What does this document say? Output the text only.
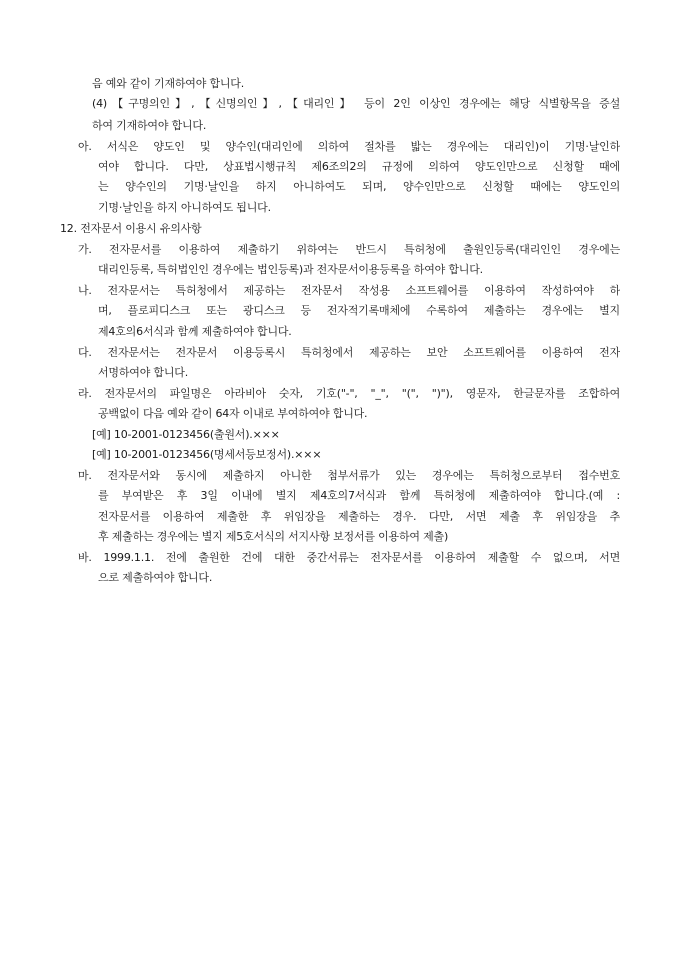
음 예와 같이 기재하여야 합니다.
(4)【구명의인】,【신명의인】,【대리인】 등이 2인 이상인 경우에는 해당 식별항목을 증설
하여 기재하여야 합니다.
아. 서식은 양도인 및 양수인(대리인에 의하여 절차를 밟는 경우에는 대리인)이 기명·날인하
여야 합니다. 다만, 상표법시행규칙 제6조의2의 규정에 의하여 양도인만으로 신청할 때에
는 양수인의 기명·날인을 하지 아니하여도 되며, 양수인만으로 신청할 때에는 양도인의
기명·날인을 하지 아니하여도 됩니다.
12. 전자문서 이용시 유의사항
가. 전자문서를 이용하여 제출하기 위하여는 반드시 특허청에 출원인등록(대리인인 경우에는
대리인등록, 특허법인인 경우에는 법인등록)과 전자문서이용등록을 하여야 합니다.
나. 전자문서는 특허청에서 제공하는 전자문서 작성용 소프트웨어를 이용하여 작성하여야 하
며, 플로피디스크 또는 광디스크 등 전자적기록매체에 수록하여 제출하는 경우에는 별지
제4호의6서식과 함께 제출하여야 합니다.
다. 전자문서는 전자문서 이용등록시 특허청에서 제공하는 보안 소프트웨어를 이용하여 전자
서명하여야 합니다.
라. 전자문서의 파일명은 아라비아 숫자, 기호("-", "_", "(", ")"), 영문자, 한글문자를 조합하여
공백없이 다음 예와 같이 64자 이내로 부여하여야 합니다.
[예] 10-2001-0123456(출원서).×××
[예] 10-2001-0123456(명세서등보정서).×××
마. 전자문서와 동시에 제출하지 아니한 첨부서류가 있는 경우에는 특허청으로부터 접수번호
를 부여받은 후 3일 이내에 별지 제4호의7서식과 함께 특허청에 제출하여야 합니다.(예 :
전자문서를 이용하여 제출한 후 위임장을 제출하는 경우. 다만, 서면 제출 후 위임장을 추
후 제출하는 경우에는 별지 제5호서식의 서지사항 보정서를 이용하여 제출)
바. 1999.1.1. 전에 출원한 건에 대한 중간서류는 전자문서를 이용하여 제출할 수 없으며, 서면
으로 제출하여야 합니다.
